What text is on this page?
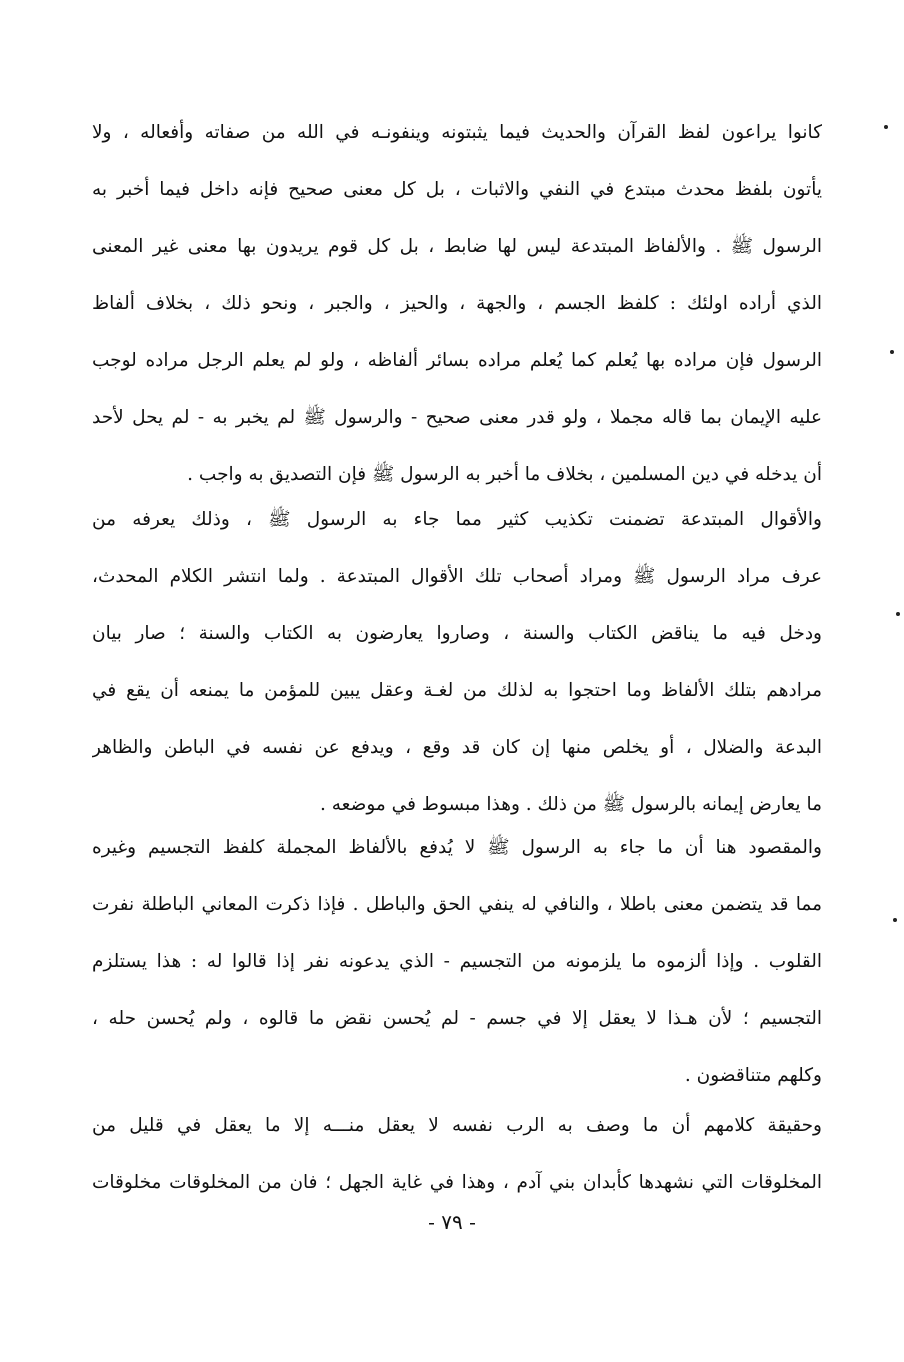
كانوا يراعون لفظ القرآن والحديث فيما يثبتونه وينفونـه في الله من صفاته وأفعاله ، ولا
يأتون بلفظ محدث مبتدع في النفي والاثبات ، بل كل معنى صحيح فإنه داخل فيما أخبر به
الرسول ﷺ . والألفاظ المبتدعة ليس لها ضابط ، بل كل قوم يريدون بها معنى غير المعنى
الذي أراده اولئك : كلفظ الجسم ، والجهة ، والحيز ، والجبر ، ونحو ذلك ، بخلاف ألفاظ
الرسول فإن مراده بها يُعلم كما يُعلم مراده بسائر ألفاظه ، ولو لم يعلم الرجل مراده لوجب
عليه الإيمان بما قاله مجملا ، ولو قدر معنى صحيح - والرسول ﷺ لم يخبر به - لم يحل لأحد
أن يدخله في دين المسلمين ، بخلاف ما أخبر به الرسول ﷺ فإن التصديق به واجب .
والأقوال المبتدعة تضمنت تكذيب كثير مما جاء به الرسول ﷺ ، وذلك يعرفه من
عرف مراد الرسول ﷺ ومراد أصحاب تلك الأقوال المبتدعة . ولما انتشر الكلام المحدث،
ودخل فيه ما يناقض الكتاب والسنة ، وصاروا يعارضون به الكتاب والسنة ؛ صار بيان
مرادهم بتلك الألفاظ وما احتجوا به لذلك من لغـة وعقل يبين للمؤمن ما يمنعه أن يقع في
البدعة والضلال ، أو يخلص منها إن كان قد وقع ، ويدفع عن نفسه في الباطن والظاهر
ما يعارض إيمانه بالرسول ﷺ من ذلك . وهذا مبسوط في موضعه .
والمقصود هنا أن ما جاء به الرسول ﷺ لا يُدفع بالألفاظ المجملة كلفظ التجسيم وغيره
مما قد يتضمن معنى باطلا ، والنافي له ينفي الحق والباطل . فإذا ذكرت المعاني الباطلة نفرت
القلوب . وإذا ألزموه ما يلزمونه من التجسيم - الذي يدعونه نفر إذا قالوا له : هذا يستلزم
التجسيم ؛ لأن هـذا لا يعقل إلا في جسم - لم يُحسن نقض ما قالوه ، ولم يُحسن حله ،
وكلهم متناقضون .
وحقيقة كلامهم أن ما وصف به الرب نفسه لا يعقل منـــه إلا ما يعقل في قليل من
المخلوقات التي نشهدها كأبدان بني آدم ، وهذا في غاية الجهل ؛ فان من المخلوقات مخلوقات
- ٧٩ -
